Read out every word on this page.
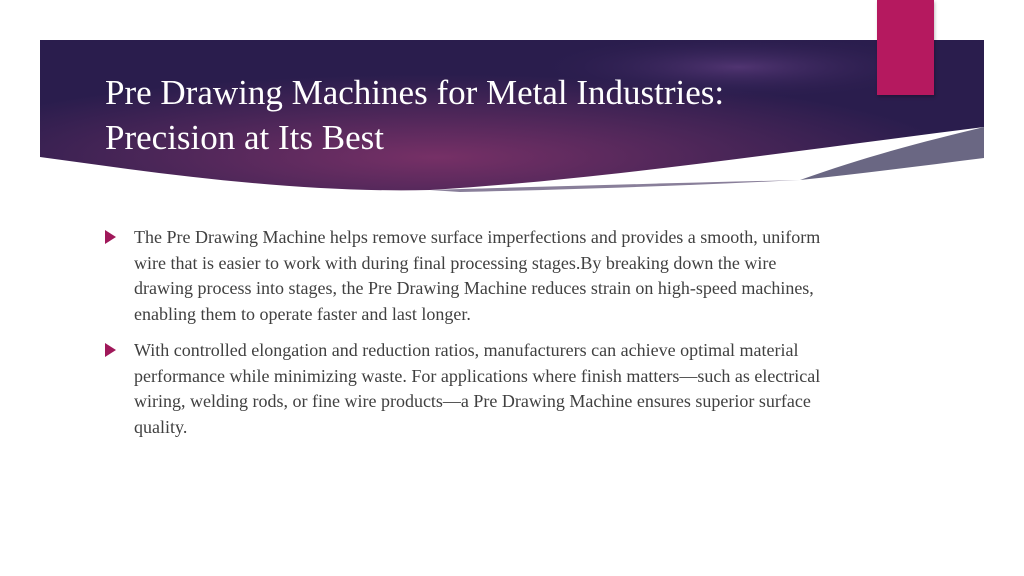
Pre Drawing Machines for Metal Industries:
Precision at Its Best
The Pre Drawing Machine helps remove surface imperfections and provides a smooth, uniform wire that is easier to work with during final processing stages.By breaking down the wire drawing process into stages, the Pre Drawing Machine reduces strain on high-speed machines, enabling them to operate faster and last longer.
With controlled elongation and reduction ratios, manufacturers can achieve optimal material performance while minimizing waste. For applications where finish matters—such as electrical wiring, welding rods, or fine wire products—a Pre Drawing Machine ensures superior surface quality.
